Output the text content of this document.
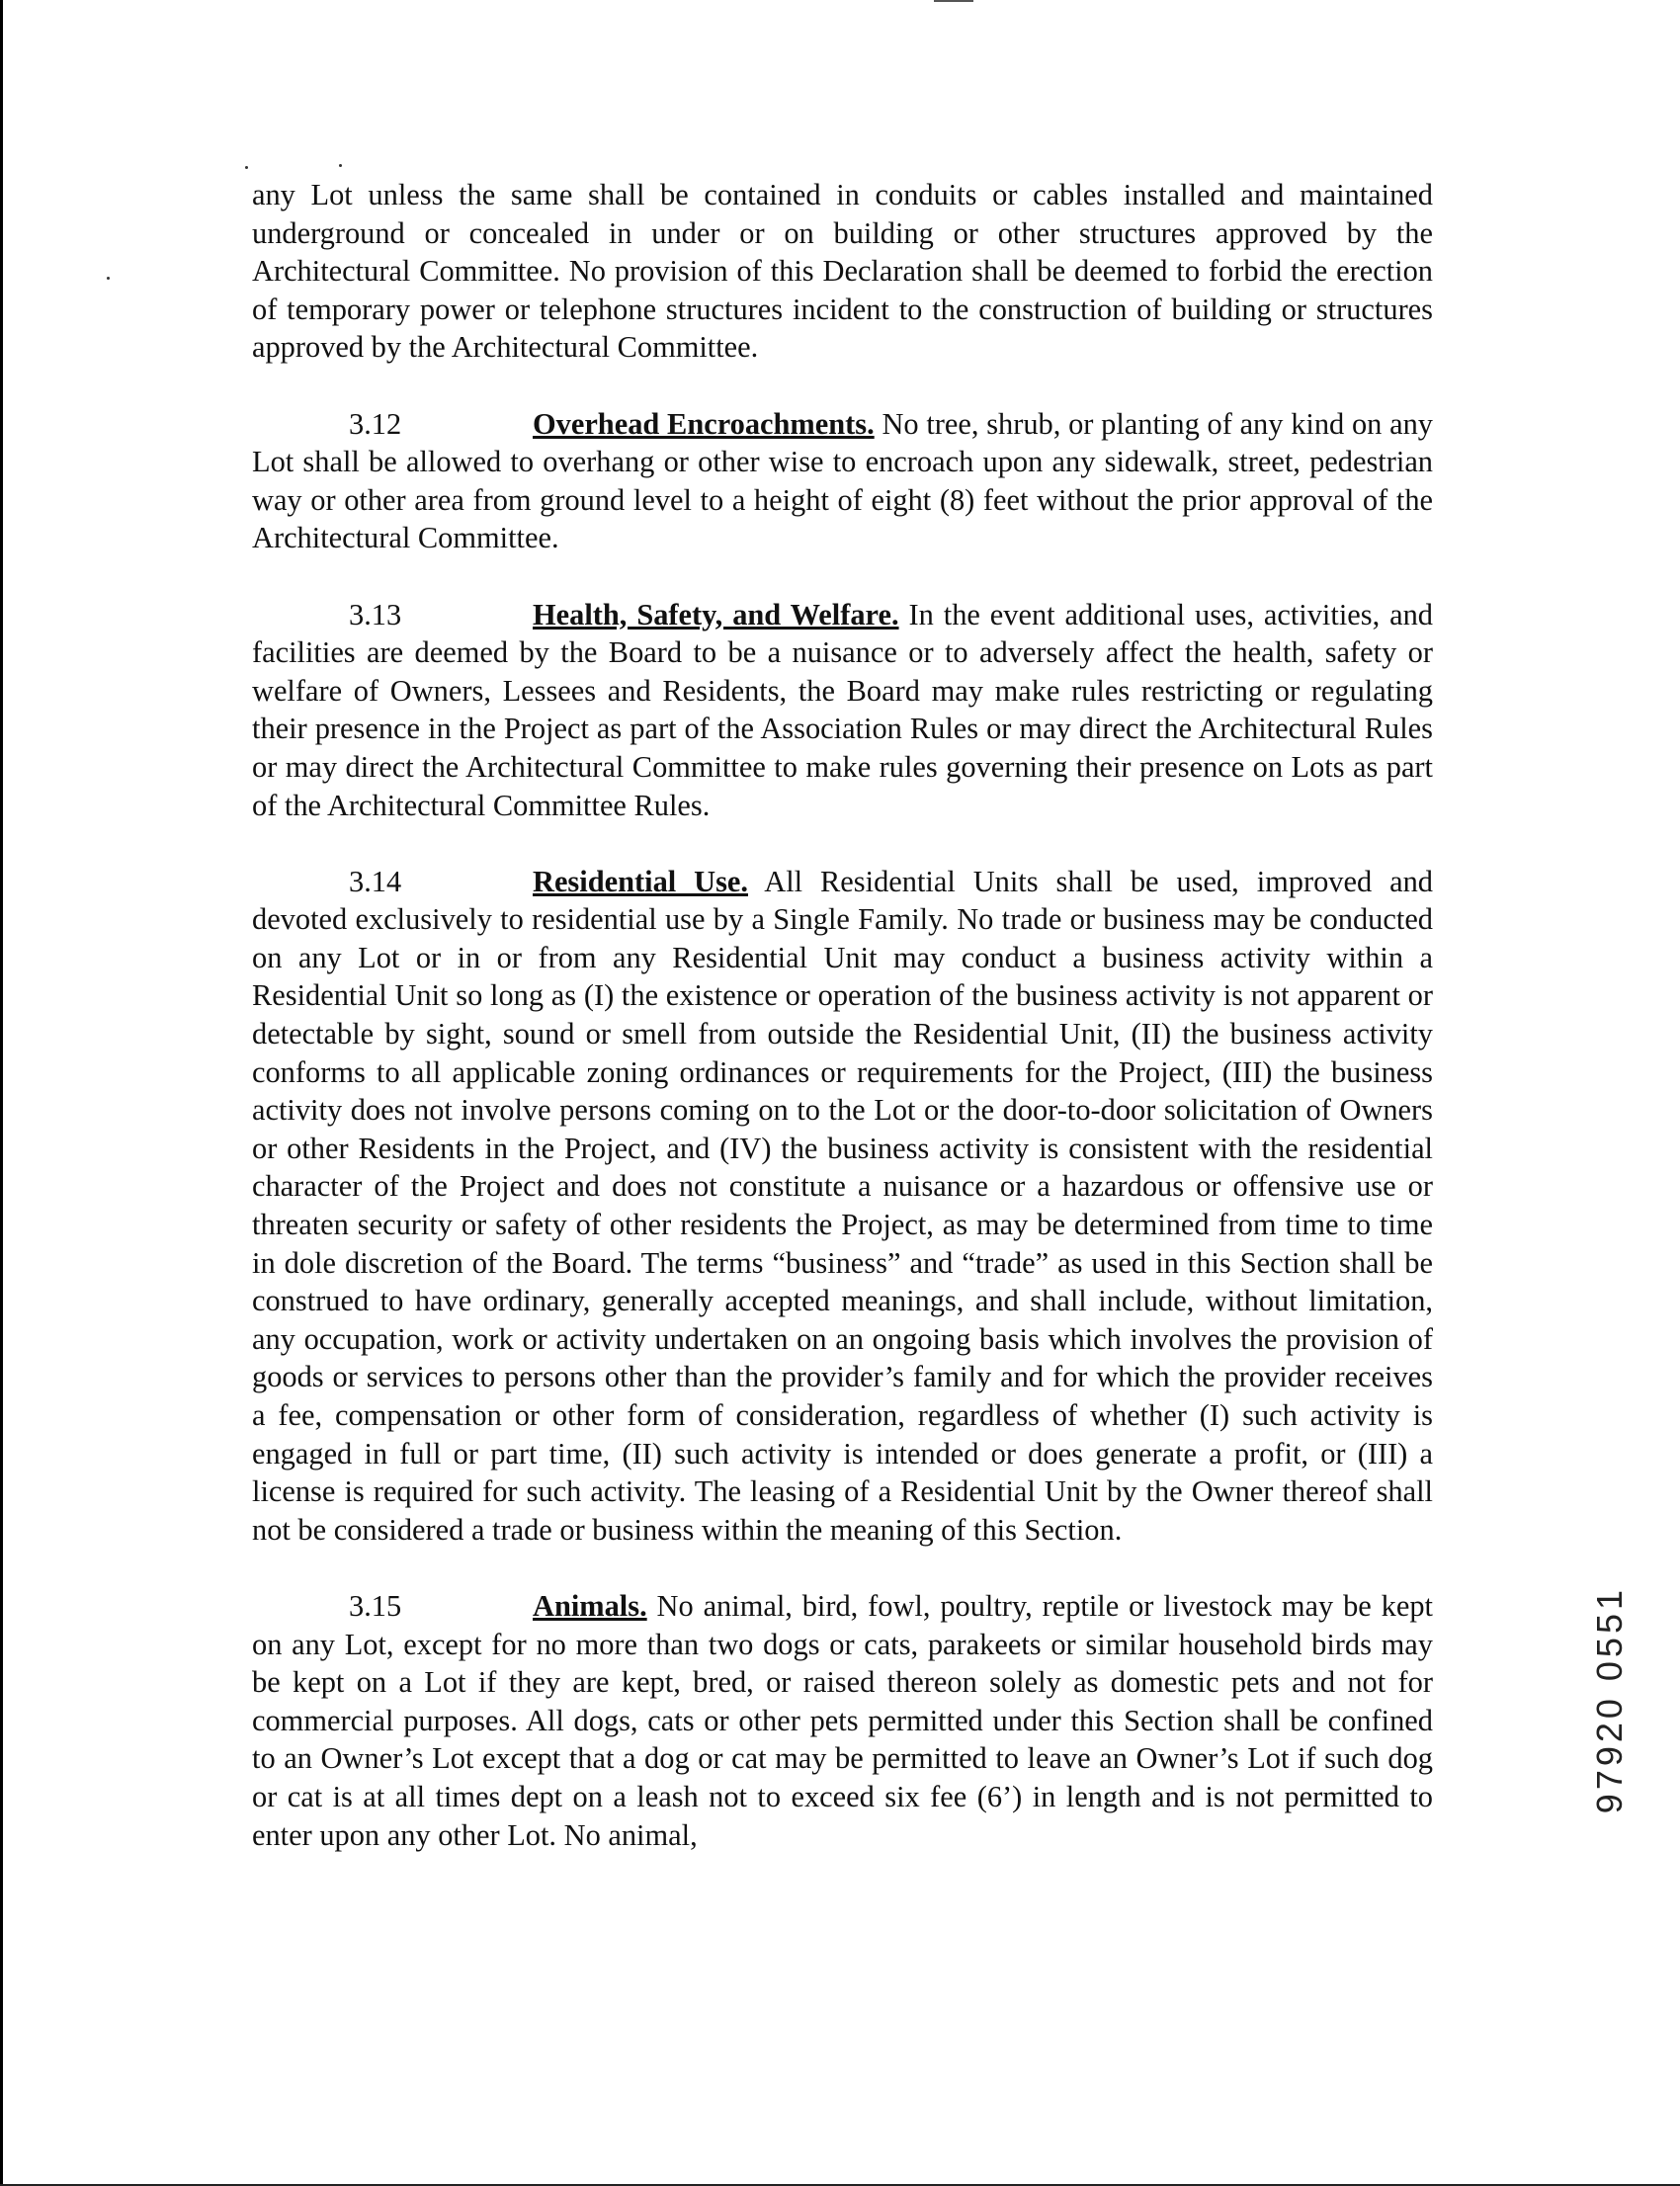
any Lot unless the same shall be contained in conduits or cables installed and maintained underground or concealed in under or on building or other structures approved by the Architectural Committee. No provision of this Declaration shall be deemed to forbid the erection of temporary power or telephone structures incident to the construction of building or structures approved by the Architectural Committee.

3.12	Overhead Encroachments. No tree, shrub, or planting of any kind on any Lot shall be allowed to overhang or other wise to encroach upon any sidewalk, street, pedestrian way or other area from ground level to a height of eight (8) feet without the prior approval of the Architectural Committee.

3.13	Health, Safety, and Welfare. In the event additional uses, activities, and facilities are deemed by the Board to be a nuisance or to adversely affect the health, safety or welfare of Owners, Lessees and Residents, the Board may make rules restricting or regulating their presence in the Project as part of the Association Rules or may direct the Architectural Rules or may direct the Architectural Committee to make rules governing their presence on Lots as part of the Architectural Committee Rules.

3.14	Residential Use. All Residential Units shall be used, improved and devoted exclusively to residential use by a Single Family. No trade or business may be conducted on any Lot or in or from any Residential Unit may conduct a business activity within a Residential Unit so long as (I) the existence or operation of the business activity is not apparent or detectable by sight, sound or smell from outside the Residential Unit, (II) the business activity conforms to all applicable zoning ordinances or requirements for the Project, (III) the business activity does not involve persons coming on to the Lot or the door-to-door solicitation of Owners or other Residents in the Project, and (IV) the business activity is consistent with the residential character of the Project and does not constitute a nuisance or a hazardous or offensive use or threaten security or safety of other residents the Project, as may be determined from time to time in dole discretion of the Board. The terms “business” and “trade” as used in this Section shall be construed to have ordinary, generally accepted meanings, and shall include, without limitation, any occupation, work or activity undertaken on an ongoing basis which involves the provision of goods or services to persons other than the provider’s family and for which the provider receives a fee, compensation or other form of consideration, regardless of whether (I) such activity is engaged in full or part time, (II) such activity is intended or does generate a profit, or (III) a license is required for such activity. The leasing of a Residential Unit by the Owner thereof shall not be considered a trade or business within the meaning of this Section.

3.15	Animals. No animal, bird, fowl, poultry, reptile or livestock may be kept on any Lot, except for no more than two dogs or cats, parakeets or similar household birds may be kept on a Lot if they are kept, bred, or raised thereon solely as domestic pets and not for commercial purposes. All dogs, cats or other pets permitted under this Section shall be confined to an Owner’s Lot except that a dog or cat may be permitted to leave an Owner’s Lot if such dog or cat is at all times dept on a leash not to exceed six fee (6’) in length and is not permitted to enter upon any other Lot. No animal,

97920 0551
